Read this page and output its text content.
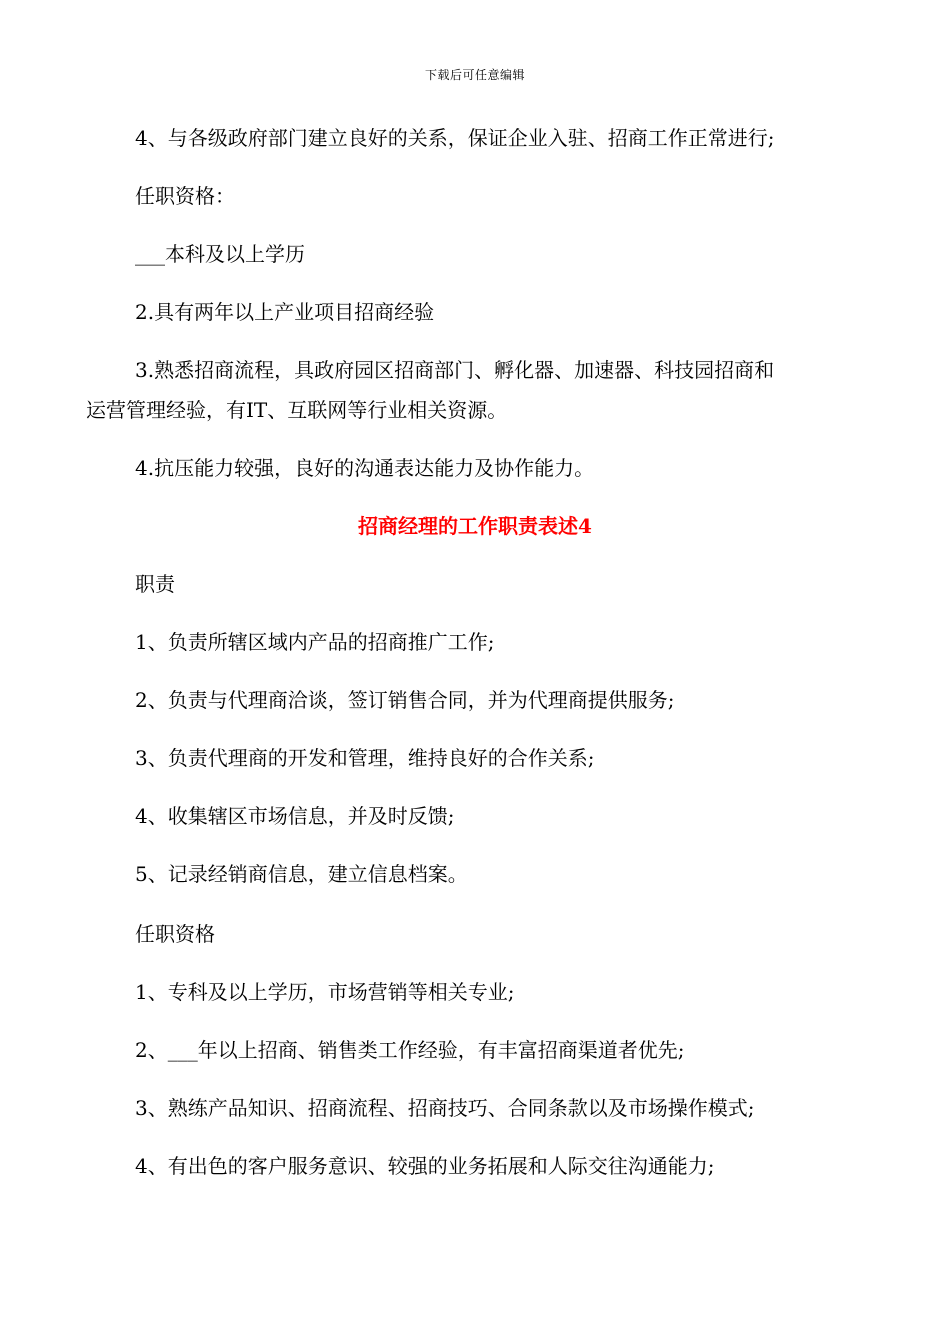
下载后可任意编辑
4、与各级政府部门建立良好的关系，保证企业入驻、招商工作正常进行;
任职资格：
___本科及以上学历
2.具有两年以上产业项目招商经验
3.熟悉招商流程，具政府园区招商部门、孵化器、加速器、科技园招商和
运营管理经验，有IT、互联网等行业相关资源。
4.抗压能力较强，良好的沟通表达能力及协作能力。
招商经理的工作职责表述4
职责
1、负责所辖区域内产品的招商推广工作;
2、负责与代理商洽谈，签订销售合同，并为代理商提供服务;
3、负责代理商的开发和管理，维持良好的合作关系;
4、收集辖区市场信息，并及时反馈;
5、记录经销商信息，建立信息档案。
任职资格
1、专科及以上学历，市场营销等相关专业;
2、___年以上招商、销售类工作经验，有丰富招商渠道者优先;
3、熟练产品知识、招商流程、招商技巧、合同条款以及市场操作模式;
4、有出色的客户服务意识、较强的业务拓展和人际交往沟通能力;
